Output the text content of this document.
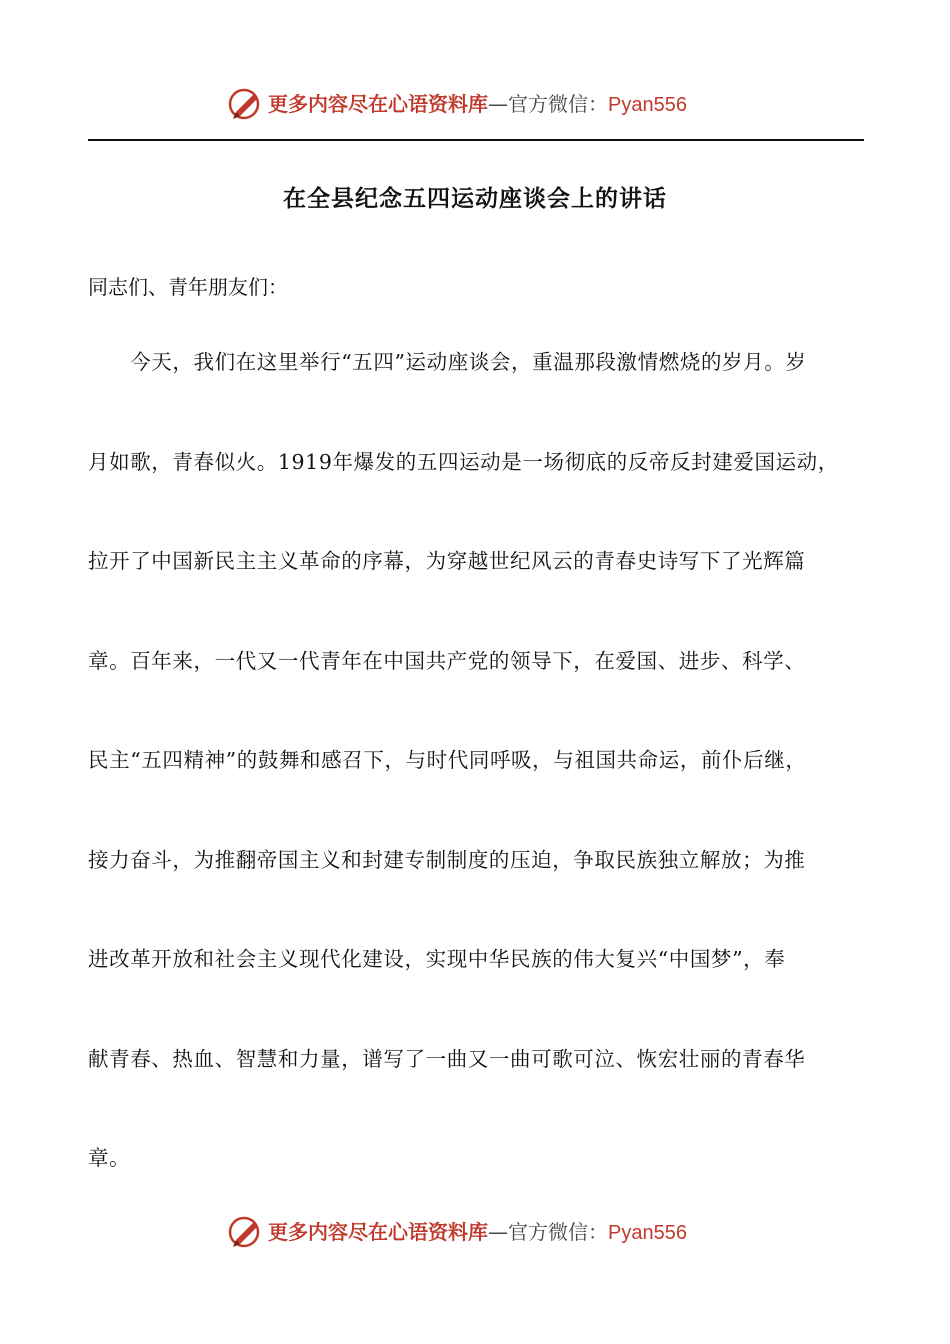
更多内容尽在心语资料库—官方微信：Pyan556
在全县纪念五四运动座谈会上的讲话
同志们、青年朋友们：
　　今天，我们在这里举行“五四”运动座谈会，重温那段激情燃烧的岁月。岁
月如歌，青春似火。1919年爆发的五四运动是一场彻底的反帝反封建爱国运动，
拉开了中国新民主主义革命的序幕，为穿越世纪风云的青春史诗写下了光辉篇
章。百年来，一代又一代青年在中国共产党的领导下，在爱国、进步、科学、
民主“五四精神”的鼓舞和感召下，与时代同呼吸，与祖国共命运，前仆后继，
接力奋斗，为推翻帝国主义和封建专制制度的压迫，争取民族独立解放；为推
进改革开放和社会主义现代化建设，实现中华民族的伟大复兴“中国梦”，奉
献青春、热血、智慧和力量，谱写了一曲又一曲可歌可泣、恢宏壮丽的青春华
章。
更多内容尽在心语资料库—官方微信：Pyan556
